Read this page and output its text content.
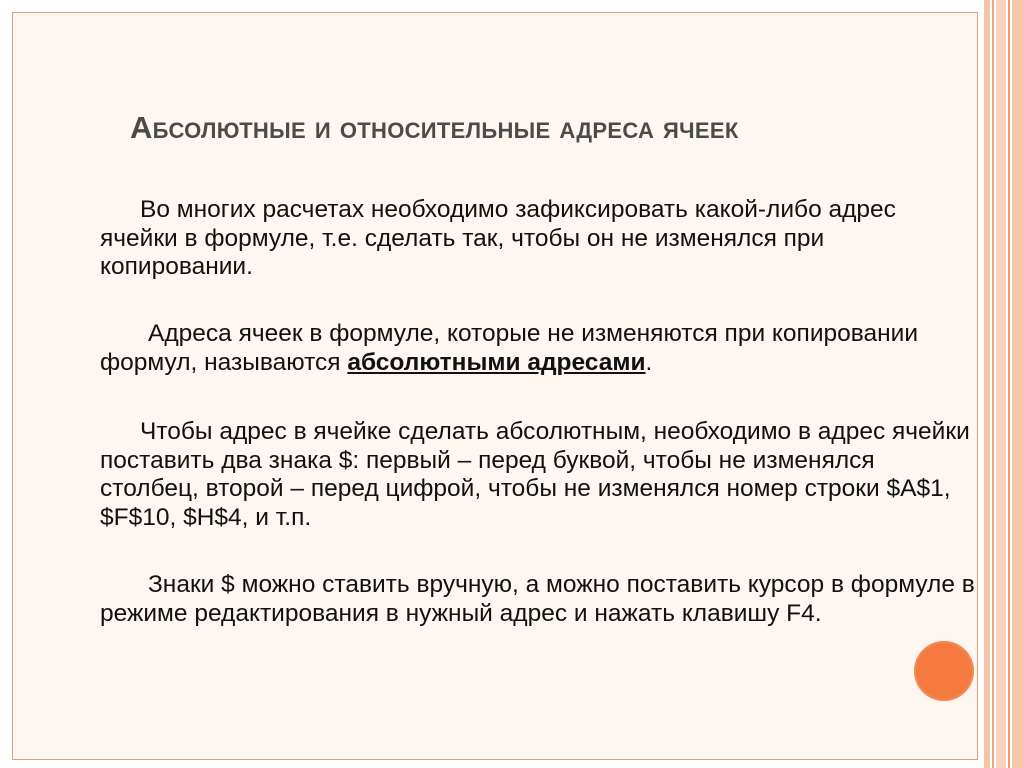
Абсолютные и относительные адреса ячеек

Во многих расчетах необходимо зафиксировать какой-либо адрес ячейки в формуле, т.е. сделать так, чтобы он не изменялся при копировании.

Адреса ячеек в формуле, которые не изменяются при копировании формул, называются абсолютными адресами.

Чтобы адрес в ячейке сделать абсолютным, необходимо в адрес ячейки поставить два знака $: первый – перед буквой, чтобы не изменялся столбец, второй – перед цифрой, чтобы не изменялся номер строки $A$1, $F$10, $H$4, и т.п.

Знаки $ можно ставить вручную, а можно поставить курсор в формуле в режиме редактирования в нужный адрес и нажать клавишу F4.
